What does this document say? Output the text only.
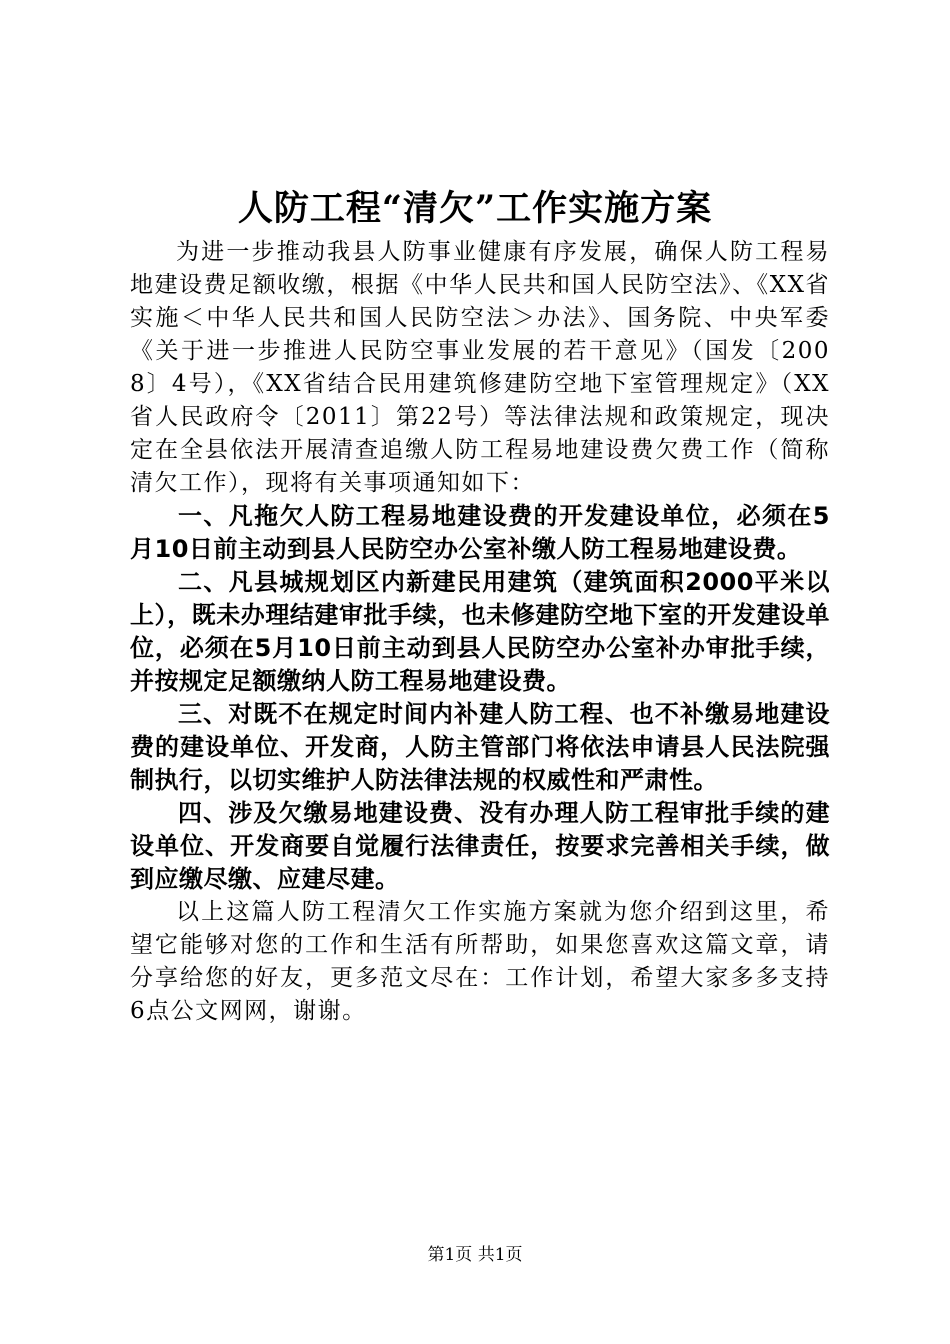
人防工程“清欠”工作实施方案

为进一步推动我县人防事业健康有序发展，确保人防工程易地建设费足额收缴，根据《中华人民共和国人民防空法》、《XX省实施＜中华人民共和国人民防空法＞办法》、国务院、中央军委《关于进一步推进人民防空事业发展的若干意见》（国发〔2008〕4号），《XX省结合民用建筑修建防空地下室管理规定》（XX省人民政府令〔2011〕第22号）等法律法规和政策规定，现决定在全县依法开展清查追缴人防工程易地建设费欠费工作（简称清欠工作），现将有关事项通知如下：

一、凡拖欠人防工程易地建设费的开发建设单位，必须在5月10日前主动到县人民防空办公室补缴人防工程易地建设费。

二、凡县城规划区内新建民用建筑（建筑面积2000平米以上），既未办理结建审批手续，也未修建防空地下室的开发建设单位，必须在5月10日前主动到县人民防空办公室补办审批手续，并按规定足额缴纳人防工程易地建设费。

三、对既不在规定时间内补建人防工程、也不补缴易地建设费的建设单位、开发商，人防主管部门将依法申请县人民法院强制执行，以切实维护人防法律法规的权威性和严肃性。

四、涉及欠缴易地建设费、没有办理人防工程审批手续的建设单位、开发商要自觉履行法律责任，按要求完善相关手续，做到应缴尽缴、应建尽建。

以上这篇人防工程清欠工作实施方案就为您介绍到这里，希望它能够对您的工作和生活有所帮助，如果您喜欢这篇文章，请分享给您的好友，更多范文尽在：工作计划，希望大家多多支持6点公文网网，谢谢。

第1页 共1页
